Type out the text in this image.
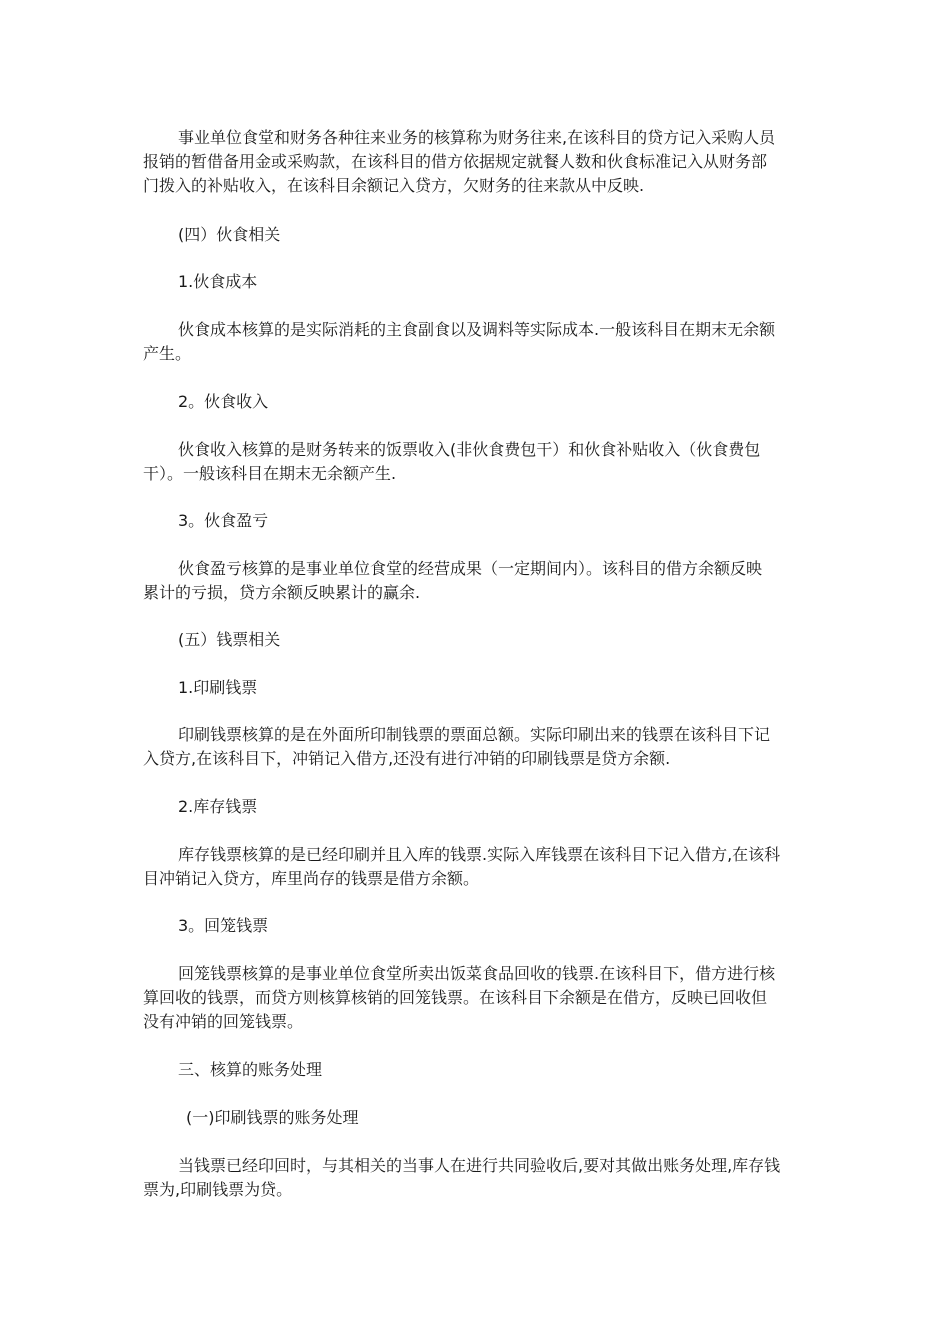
事业单位食堂和财务各种往来业务的核算称为财务往来,在该科目的贷方记入采购人员
报销的暂借备用金或采购款，在该科目的借方依据规定就餐人数和伙食标准记入从财务部
门拨入的补贴收入，在该科目余额记入贷方，欠财务的往来款从中反映.

(四）伙食相关

1.伙食成本

伙食成本核算的是实际消耗的主食副食以及调料等实际成本.一般该科目在期末无余额
产生。

2。伙食收入

伙食收入核算的是财务转来的饭票收入(非伙食费包干）和伙食补贴收入（伙食费包
干）。一般该科目在期末无余额产生.

3。伙食盈亏

伙食盈亏核算的是事业单位食堂的经营成果（一定期间内）。该科目的借方余额反映
累计的亏损，贷方余额反映累计的赢余.

(五）钱票相关

1.印刷钱票

印刷钱票核算的是在外面所印制钱票的票面总额。实际印刷出来的钱票在该科目下记
入贷方,在该科目下，冲销记入借方,还没有进行冲销的印刷钱票是贷方余额.

2.库存钱票

库存钱票核算的是已经印刷并且入库的钱票.实际入库钱票在该科目下记入借方,在该科
目冲销记入贷方，库里尚存的钱票是借方余额。

3。回笼钱票

回笼钱票核算的是事业单位食堂所卖出饭菜食品回收的钱票.在该科目下，借方进行核
算回收的钱票，而贷方则核算核销的回笼钱票。在该科目下余额是在借方，反映已回收但
没有冲销的回笼钱票。

三、核算的账务处理

(一)印刷钱票的账务处理

当钱票已经印回时，与其相关的当事人在进行共同验收后,要对其做出账务处理,库存钱
票为,印刷钱票为贷。
